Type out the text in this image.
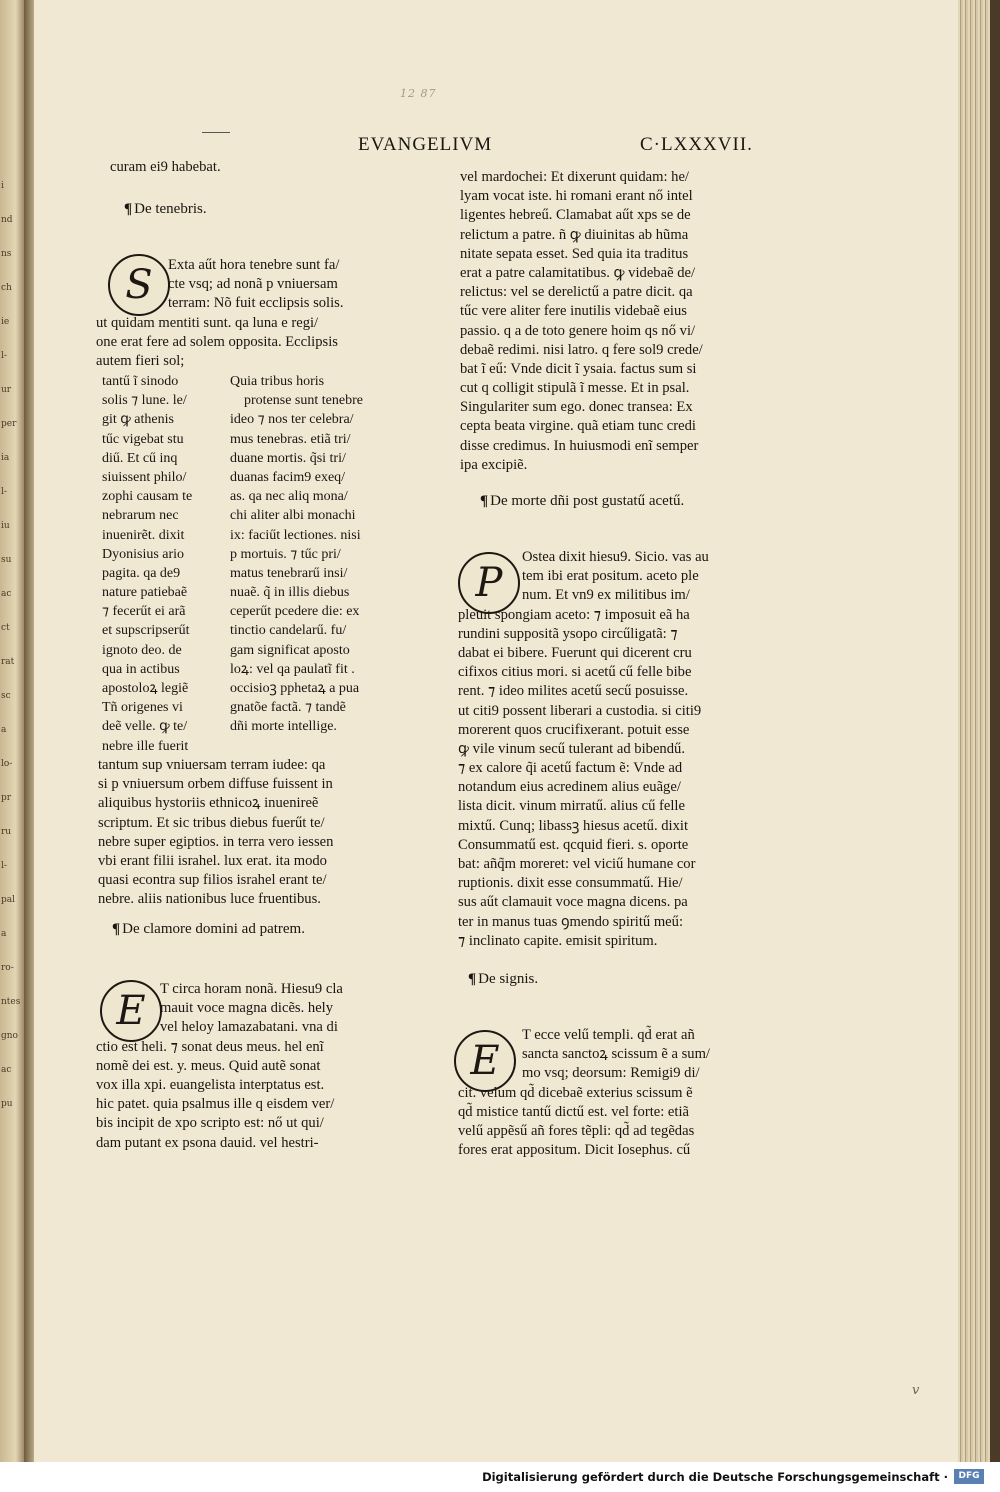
i
nd
ns
ch
ie
l-
ur
per
ia
l-
iu
su
ac
ct
rat
sc
a
lo-
pr
ru
l-
pal
a
ro-
ntes
gno
ac
pu
12 87
EVANGELIVM	C·LXXXVII.
curam ei9 habebat.
¶ De tenebris.
S	Exta aűt hora tenebre sunt fa/
cte vsq; ad nonã p vniuersam
terram: Nõ fuit ecclipsis solis.
ut quidam mentiti sunt. qa luna e regi/
one erat fere ad solem opposita. Ecclipsis
autem fieri sol;
tantű ĩ sinodo
solis ⁊ lune. le/
git ꝙ athenis
tűc vigebat stu
diű. Et cű inq
siuissent philo/
zophi causam te
nebrarum nec
inuenirẽt. dixit
Dyonisius ario
pagita. qa de9
nature patiebaẽ
⁊ fecerűt ei arã
et supscripserűt
ignoto deo. de
qua in actibus
apostoloꝝ legiẽ
Tñ origenes vi
deẽ velle. ꝙ te/
nebre ille fuerit
Quia tribus horis
protense sunt tenebre
ideo ⁊ nos ter celebra/
mus tenebras. etiã tri/
duane mortis. q̃si tri/
duanas facim9 exeq/
as. qa nec aliq mona/
chi aliter albi monachi
ix: faciűt lectiones. nisi
p mortuis. ⁊ tűc pri/
matus tenebrarű insi/
nuaẽ. q̃ in illis diebus
ceperűt pcedere die: ex
tinctio candelarű. fu/
gam significat aposto
loꝝ: vel qa paulatĩ fit .
occisioꝫ pphetaꝝ a pua
gnatõe factã. ⁊ tandẽ
dñi morte intellige.
tantum sup vniuersam terram iudee: qa
si p vniuersum orbem diffuse fuissent in
aliquibus hystoriis ethnicoꝝ inuenireẽ
scriptum. Et sic tribus diebus fuerűt te/
nebre super egiptios. in terra vero iessen
vbi erant filii israhel. lux erat. ita modo
quasi econtra sup filios israhel erant te/
nebre. aliis nationibus luce fruentibus.
¶ De clamore domini ad patrem.
E T circa horam nonã. Hiesu9 cla
mauit voce magna dicẽs. hely
vel heloy lamazabatani. vna di
ctio est heli. ⁊ sonat deus meus. hel enĩ
nomẽ dei est. y. meus. Quid autẽ sonat
vox illa xpi. euangelista interptatus est.
hic patet. quia psalmus ille q eisdem ver/
bis incipit de xpo scripto est: nő ut qui/
dam putant ex psona dauid. vel hestri-
vel mardochei: Et dixerunt quidam: he/
lyam vocat iste. hi romani erant nő intel
ligentes hebreű. Clamabat aűt xps se de
relictum a patre. ñ ꝙ diuinitas ab hũma
nitate sepata esset. Sed quia ita traditus
erat a patre calamitatibus. ꝙ videbaẽ de/
relictus: vel se derelictű a patre dicit. qa
tűc vere aliter fere inutilis videbaẽ eius
passio. q a de toto genere hoim qs nő vi/
debaẽ redimi. nisi latro. q fere sol9 crede/
bat ĩ eű: Vnde dicit ĩ ysaia. factus sum si
cut q colligit stipulã ĩ messe. Et in psal.
Singulariter sum ego. donec transea: Ex
cepta beata virgine. quã etiam tunc credi
disse credimus. In huiusmodi enĩ semper
ipa excipiẽ.
¶ De morte dñi post gustatű acetű.
P
Ostea dixit hiesu9. Sicio. vas au
tem ibi erat positum. aceto ple
num. Et vn9 ex militibus im/
pleuit spongiam aceto: ⁊ imposuit eã ha
rundini suppositã ysopo circűligatã: ⁊
dabat ei bibere. Fuerunt qui dicerent cru
cifixos citius mori. si acetű cű felle bibe
rent. ⁊ ideo milites acetű secű posuisse.
ut citi9 possent liberari a custodia. si citi9
morerent quos crucifixerant. potuit esse
ꝙ vile vinum secű tulerant ad bibendű.
⁊ ex calore q̃i acetű factum ẽ: Vnde ad
notandum eius acredinem alius euãge/
lista dicit. vinum mirratű. alius cű felle
mixtű. Cunq; libassꝫ hiesus acetű. dixit
Consummatű est. qcquid fieri. s. oporte
bat: añq̃m moreret: vel viciű humane cor
ruptionis. dixit esse consummatű. Hie/
sus aűt clamauit voce magna dicens. pa
ter in manus tuas ꝯmendo spiritű meű:
⁊ inclinato capite. emisit spiritum.
¶ De signis.
E
T ecce velű templi. qd̃ erat añ
sancta sanctoꝝ scissum ẽ a sum/
mo vsq; deorsum: Remigi9 di/
cit. velum qd̃ dicebaẽ exterius scissum ẽ
qd̃ mistice tantű dictű est. vel forte: etiã
velű appẽsű añ fores tẽpli: qd̃ ad tegẽdas
fores erat appositum. Dicit Iosephus. cű
v
Digitalisierung gefördert durch die Deutsche Forschungsgemeinschaft ·	DFG
